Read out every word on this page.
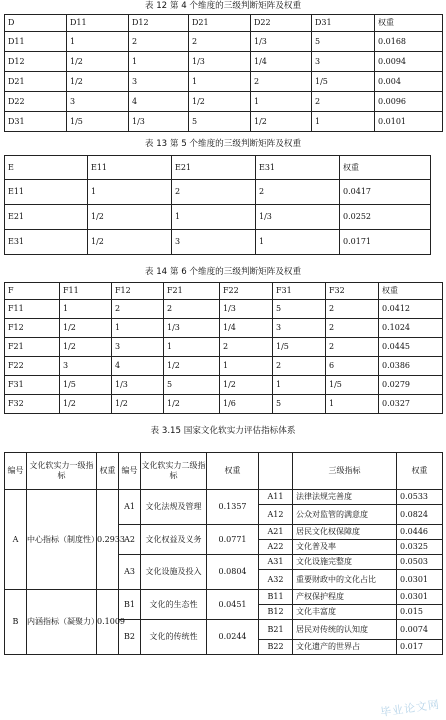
表 12 第 4 个维度的三级判断矩阵及权重
D	D11	D12	D21	D22	D31	权重
D11	1	2	2	1/3	5	0.0168
D12	1/2	1	1/3	1/4	3	0.0094
D21	1/2	3	1	2	1/5	0.004
D22	3	4	1/2	1	2	0.0096
D31	1/5	1/3	5	1/2	1	0.0101
表 13 第 5 个维度的三级判断矩阵及权重
E	E11	E21	E31	权重
E11	1	2	2	0.0417
E21	1/2	1	1/3	0.0252
E31	1/2	3	1	0.0171
表 14 第 6 个维度的三级判断矩阵及权重
F	F11	F12	F21	F22	F31	F32	权重
F11	1	2	2	1/3	5	2	0.0412
F12	1/2	1	1/3	1/4	3	2	0.1024
F21	1/2	3	1	2	1/5	2	0.0445
F22	3	4	1/2	1	2	6	0.0386
F31	1/5	1/3	5	1/2	1	1/5	0.0279
F32	1/2	1/2	1/2	1/6	5	1	0.0327
表 3.15 国家文化软实力评估指标体系
编号	文化软实力一级指标	权重	编号	文化软实力二级指标	权重		三级指标	权重
A	中心指标（制度性）	0.2933	A1	文化法规及管理	0.1357	A11	法律法规完善度	0.0533
						A12	公众对监管的满意度	0.0824
			A2	文化权益及义务	0.0771	A21	居民文化权保障度	0.0446
						A22	文化普及率	0.0325
			A3	文化设施及投入	0.0804	A31	文化设施完整度	0.0503
						A32	重要财政中的文化占比	0.0301
B	内涵指标（凝聚力）	0.1009	B1	文化的生态性	0.0451	B11	产权保护程度	0.0301
						B12	文化丰富度	0.015
			B2	文化的传统性	0.0244	B21	居民对传统的认知度	0.0074
						B22	文化遗产的世界占	0.017
毕业论文网
